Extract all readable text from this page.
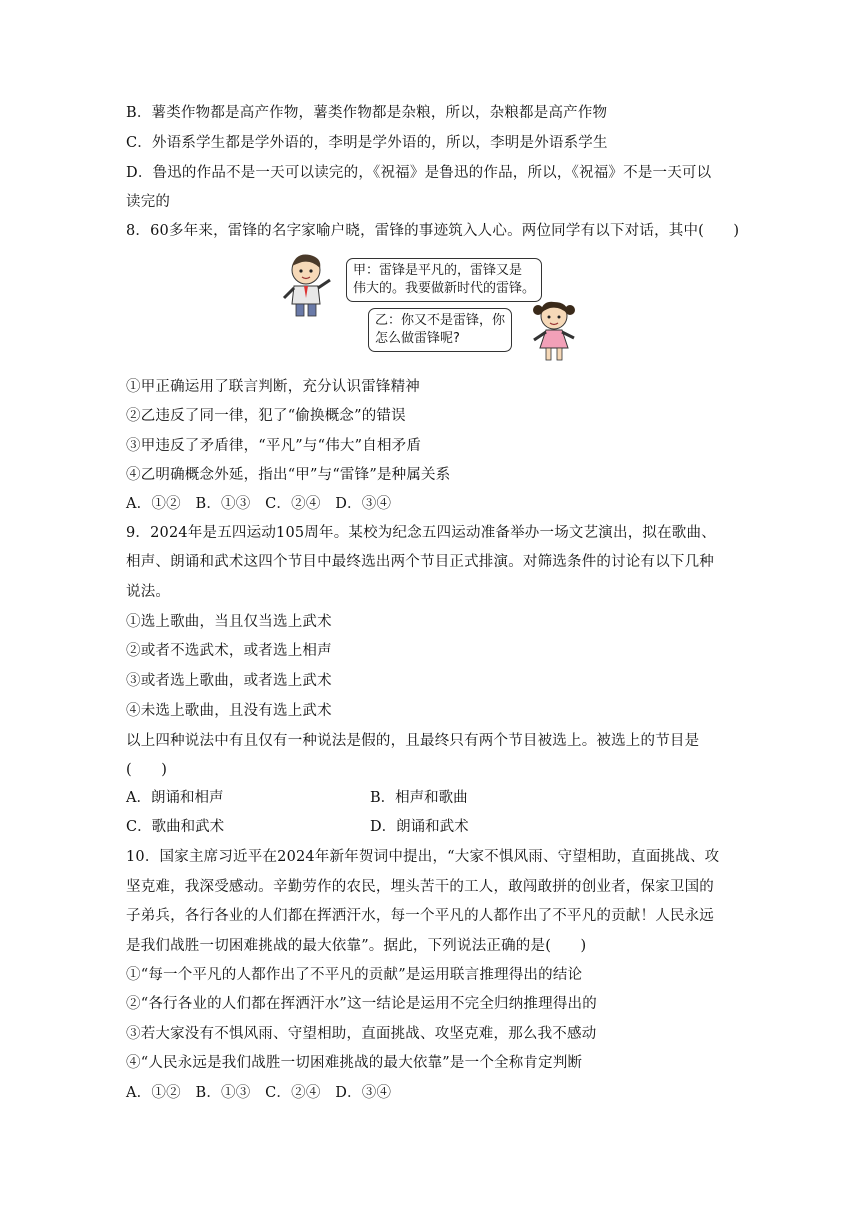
B．薯类作物都是高产作物，薯类作物都是杂粮，所以，杂粮都是高产作物
C．外语系学生都是学外语的，李明是学外语的，所以，李明是外语系学生
D．鲁迅的作品不是一天可以读完的，《祝福》是鲁迅的作品，所以，《祝福》不是一天可以
读完的
8．60多年来，雷锋的名字家喻户晓，雷锋的事迹筑入人心。两位同学有以下对话，其中(　　)
甲：雷锋是平凡的，雷锋又是
伟大的。我要做新时代的雷锋。
乙：你又不是雷锋，你
怎么做雷锋呢?
①甲正确运用了联言判断，充分认识雷锋精神
②乙违反了同一律，犯了“偷换概念”的错误
③甲违反了矛盾律，“平凡”与“伟大”自相矛盾
④乙明确概念外延，指出“甲”与“雷锋”是种属关系
A．①②　B．①③　C．②④　D．③④
9．2024年是五四运动105周年。某校为纪念五四运动准备举办一场文艺演出，拟在歌曲、
相声、朗诵和武术这四个节目中最终选出两个节目正式排演。对筛选条件的讨论有以下几种
说法。
①选上歌曲，当且仅当选上武术
②或者不选武术，或者选上相声
③或者选上歌曲，或者选上武术
④未选上歌曲，且没有选上武术
以上四种说法中有且仅有一种说法是假的，且最终只有两个节目被选上。被选上的节目是
(　　)
A．朗诵和相声	B．相声和歌曲
C．歌曲和武术	D．朗诵和武术
10．国家主席习近平在2024年新年贺词中提出，“大家不惧风雨、守望相助，直面挑战、攻
坚克难，我深受感动。辛勤劳作的农民，埋头苦干的工人，敢闯敢拼的创业者，保家卫国的
子弟兵，各行各业的人们都在挥洒汗水，每一个平凡的人都作出了不平凡的贡献！人民永远
是我们战胜一切困难挑战的最大依靠”。据此，下列说法正确的是(　　)
①“每一个平凡的人都作出了不平凡的贡献”是运用联言推理得出的结论
②“各行各业的人们都在挥洒汗水”这一结论是运用不完全归纳推理得出的
③若大家没有不惧风雨、守望相助，直面挑战、攻坚克难，那么我不感动
④“人民永远是我们战胜一切困难挑战的最大依靠”是一个全称肯定判断
A．①②　B．①③　C．②④　D．③④
